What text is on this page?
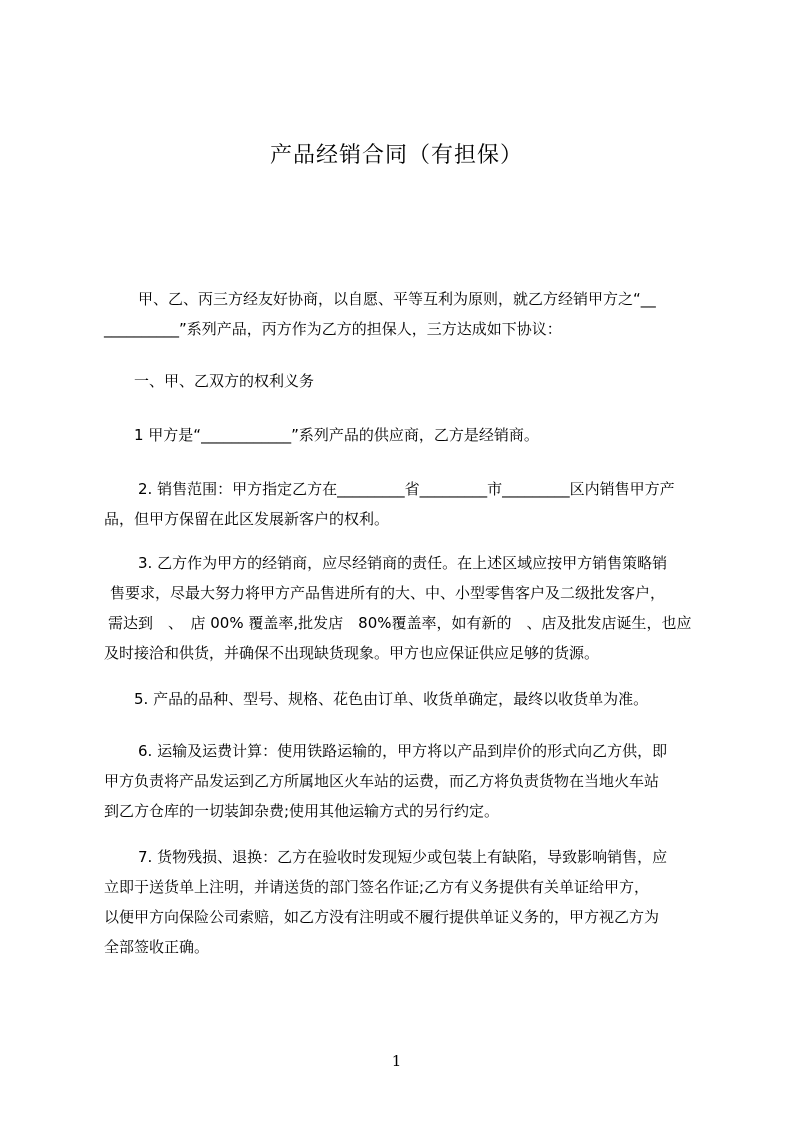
产品经销合同（有担保）

甲、乙、丙三方经友好协商，以自愿、平等互利为原则，就乙方经销甲方之“__
__________”系列产品，丙方作为乙方的担保人，三方达成如下协议：

一、甲、乙双方的权利义务

1 甲方是“____________”系列产品的供应商，乙方是经销商。

2. 销售范围：甲方指定乙方在_________省_________市_________区内销售甲方产
品，但甲方保留在此区发展新客户的权利。

3. 乙方作为甲方的经销商，应尽经销商的责任。在上述区域应按甲方销售策略销
售要求，尽最大努力将甲方产品售进所有的大、中、小型零售客户及二级批发客户，
需达到　、　店 00% 覆盖率,批发店　80%覆盖率，如有新的　、店及批发店诞生，也应
及时接洽和供货，并确保不出现缺货现象。甲方也应保证供应足够的货源。

5. 产品的品种、型号、规格、花色由订单、收货单确定，最终以收货单为准。

6. 运输及运费计算：使用铁路运输的，甲方将以产品到岸价的形式向乙方供，即
甲方负责将产品发运到乙方所属地区火车站的运费，而乙方将负责货物在当地火车站
到乙方仓库的一切装卸杂费;使用其他运输方式的另行约定。

7. 货物残损、退换：乙方在验收时发现短少或包装上有缺陷，导致影响销售，应
立即于送货单上注明，并请送货的部门签名作证;乙方有义务提供有关单证给甲方，
以便甲方向保险公司索赔，如乙方没有注明或不履行提供单证义务的，甲方视乙方为
全部签收正确。

1
